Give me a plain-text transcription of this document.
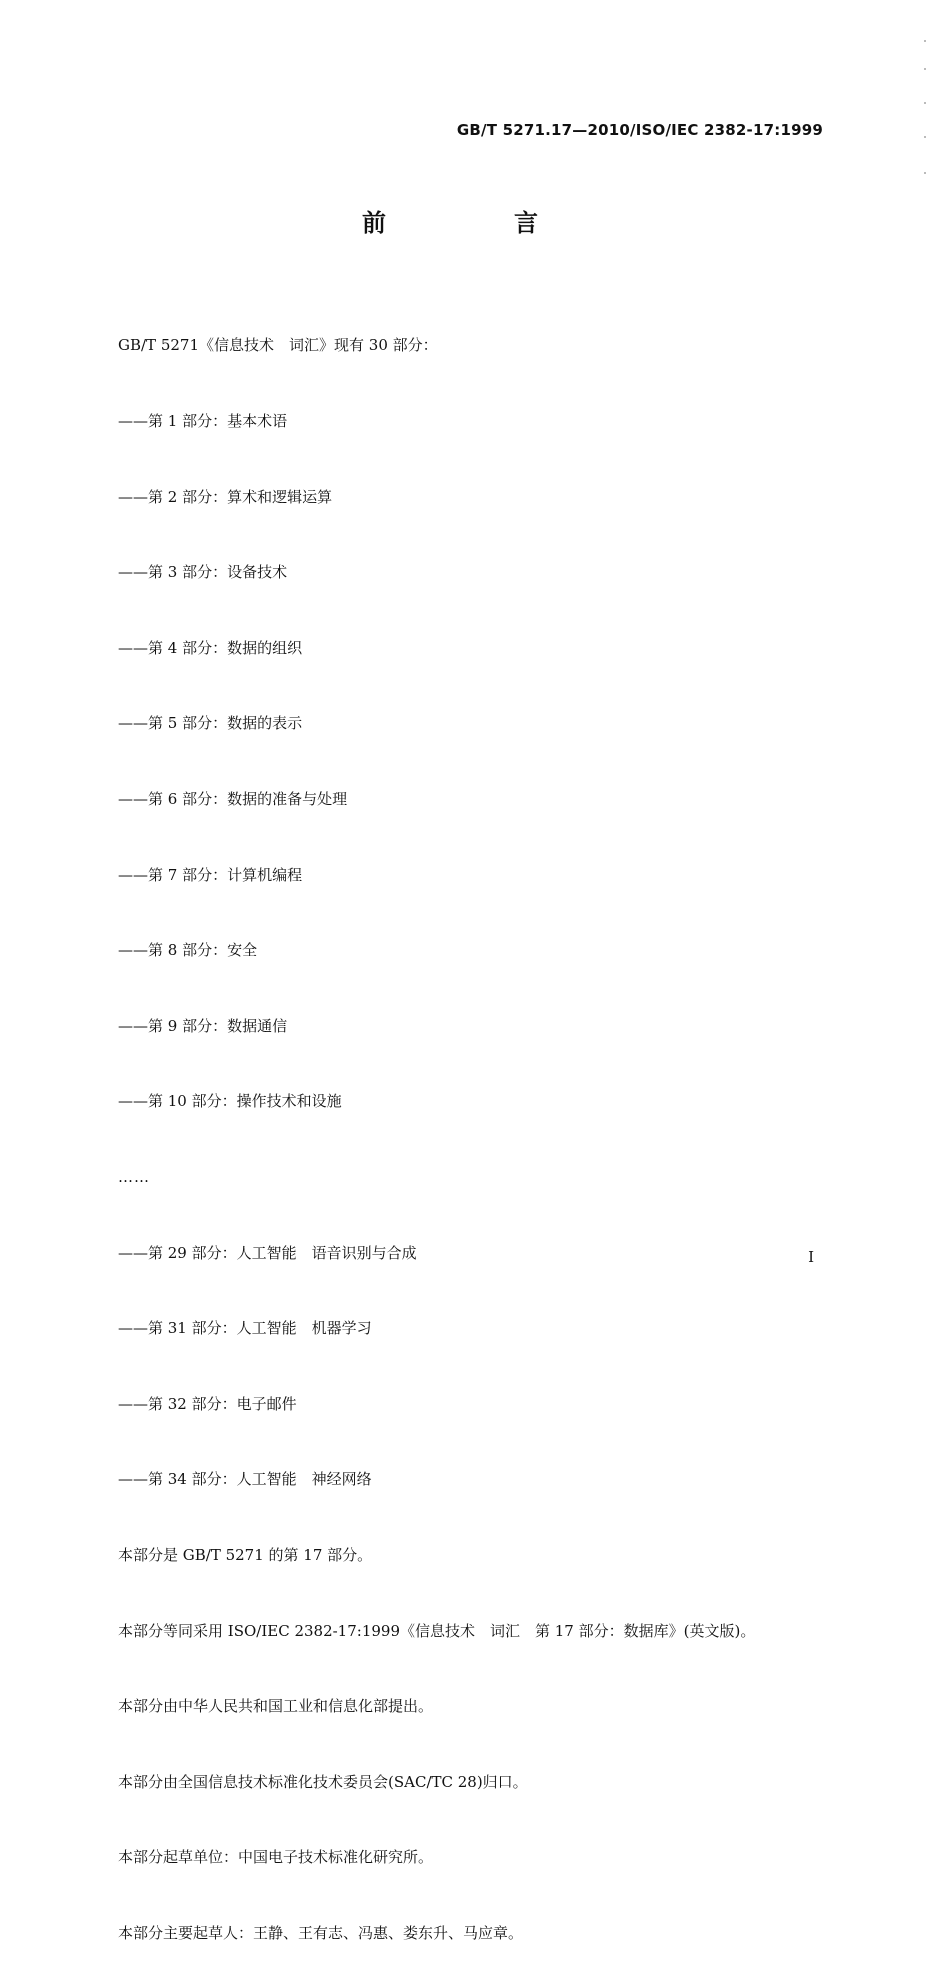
GB/T 5271.17—2010/ISO/IEC 2382-17:1999
前　言

GB/T 5271《信息技术　词汇》现有 30 部分：

——第 1 部分：基本术语

——第 2 部分：算术和逻辑运算

——第 3 部分：设备技术

——第 4 部分：数据的组织

——第 5 部分：数据的表示

——第 6 部分：数据的准备与处理

——第 7 部分：计算机编程

——第 8 部分：安全

——第 9 部分：数据通信

——第 10 部分：操作技术和设施

……

——第 29 部分：人工智能　语音识别与合成

——第 31 部分：人工智能　机器学习

——第 32 部分：电子邮件

——第 34 部分：人工智能　神经网络

本部分是 GB/T 5271 的第 17 部分。

本部分等同采用 ISO/IEC 2382-17:1999《信息技术　词汇　第 17 部分：数据库》(英文版)。

本部分由中华人民共和国工业和信息化部提出。

本部分由全国信息技术标准化技术委员会(SAC/TC 28)归口。

本部分起草单位：中国电子技术标准化研究所。

本部分主要起草人：王静、王有志、冯惠、娄东升、马应章。

I
